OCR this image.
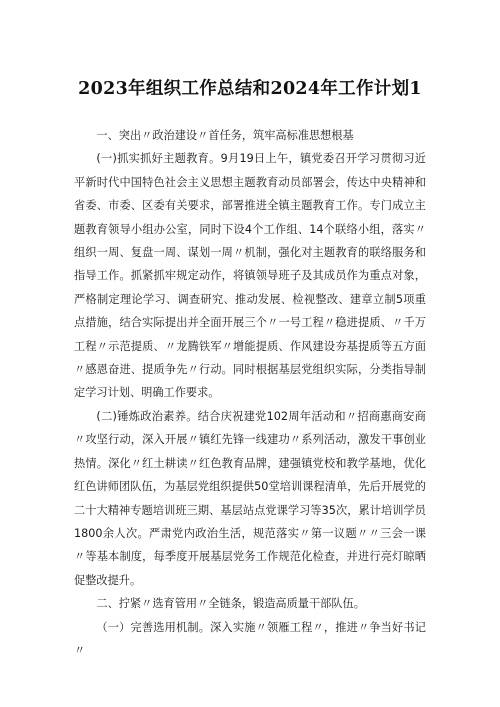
2023年组织工作总结和2024年工作计划1

一、突出〃政治建设〃首任务，筑牢高标准思想根基

(一)抓实抓好主题教育。9月19日上午，镇党委召开学习贯彻习近平新时代中国特色社会主义思想主题教育动员部署会，传达中央精神和省委、市委、区委有关要求，部署推进全镇主题教育工作。专门成立主题教育领导小组办公室，同时下设4个工作组、14个联络小组，落实〃组织一周、复盘一周、谋划一周〃机制，强化对主题教育的联络服务和指导工作。抓紧抓牢规定动作，将镇领导班子及其成员作为重点对象，严格制定理论学习、调查研究、推动发展、检视整改、建章立制5项重点措施，结合实际提出并全面开展三个〃一号工程〃稳进提质、〃千万工程〃示范提质、〃龙腾铁军〃增能提质、作风建设夯基提质等五方面〃感恩奋进、提质争先〃行动。同时根据基层党组织实际，分类指导制定学习计划、明确工作要求。

(二)锤炼政治素养。结合庆祝建党102周年活动和〃招商惠商安商〃攻坚行动，深入开展〃镇红先锋一线建功〃系列活动，激发干事创业热情。深化〃红土耕读〃红色教育品牌，建强镇党校和教学基地，优化红色讲师团队伍，为基层党组织提供50堂培训课程清单，先后开展党的二十大精神专题培训班三期、基层站点党课学习等35次，累计培训学员1800余人次。严肃党内政治生活，规范落实〃第一议题〃〃三会一课〃等基本制度，每季度开展基层党务工作规范化检查，并进行亮灯晾晒促整改提升。

二、拧紧〃选育管用〃全链条，锻造高质量干部队伍。

（一）完善选用机制。深入实施〃领雁工程〃，推进〃争当好书记〃
